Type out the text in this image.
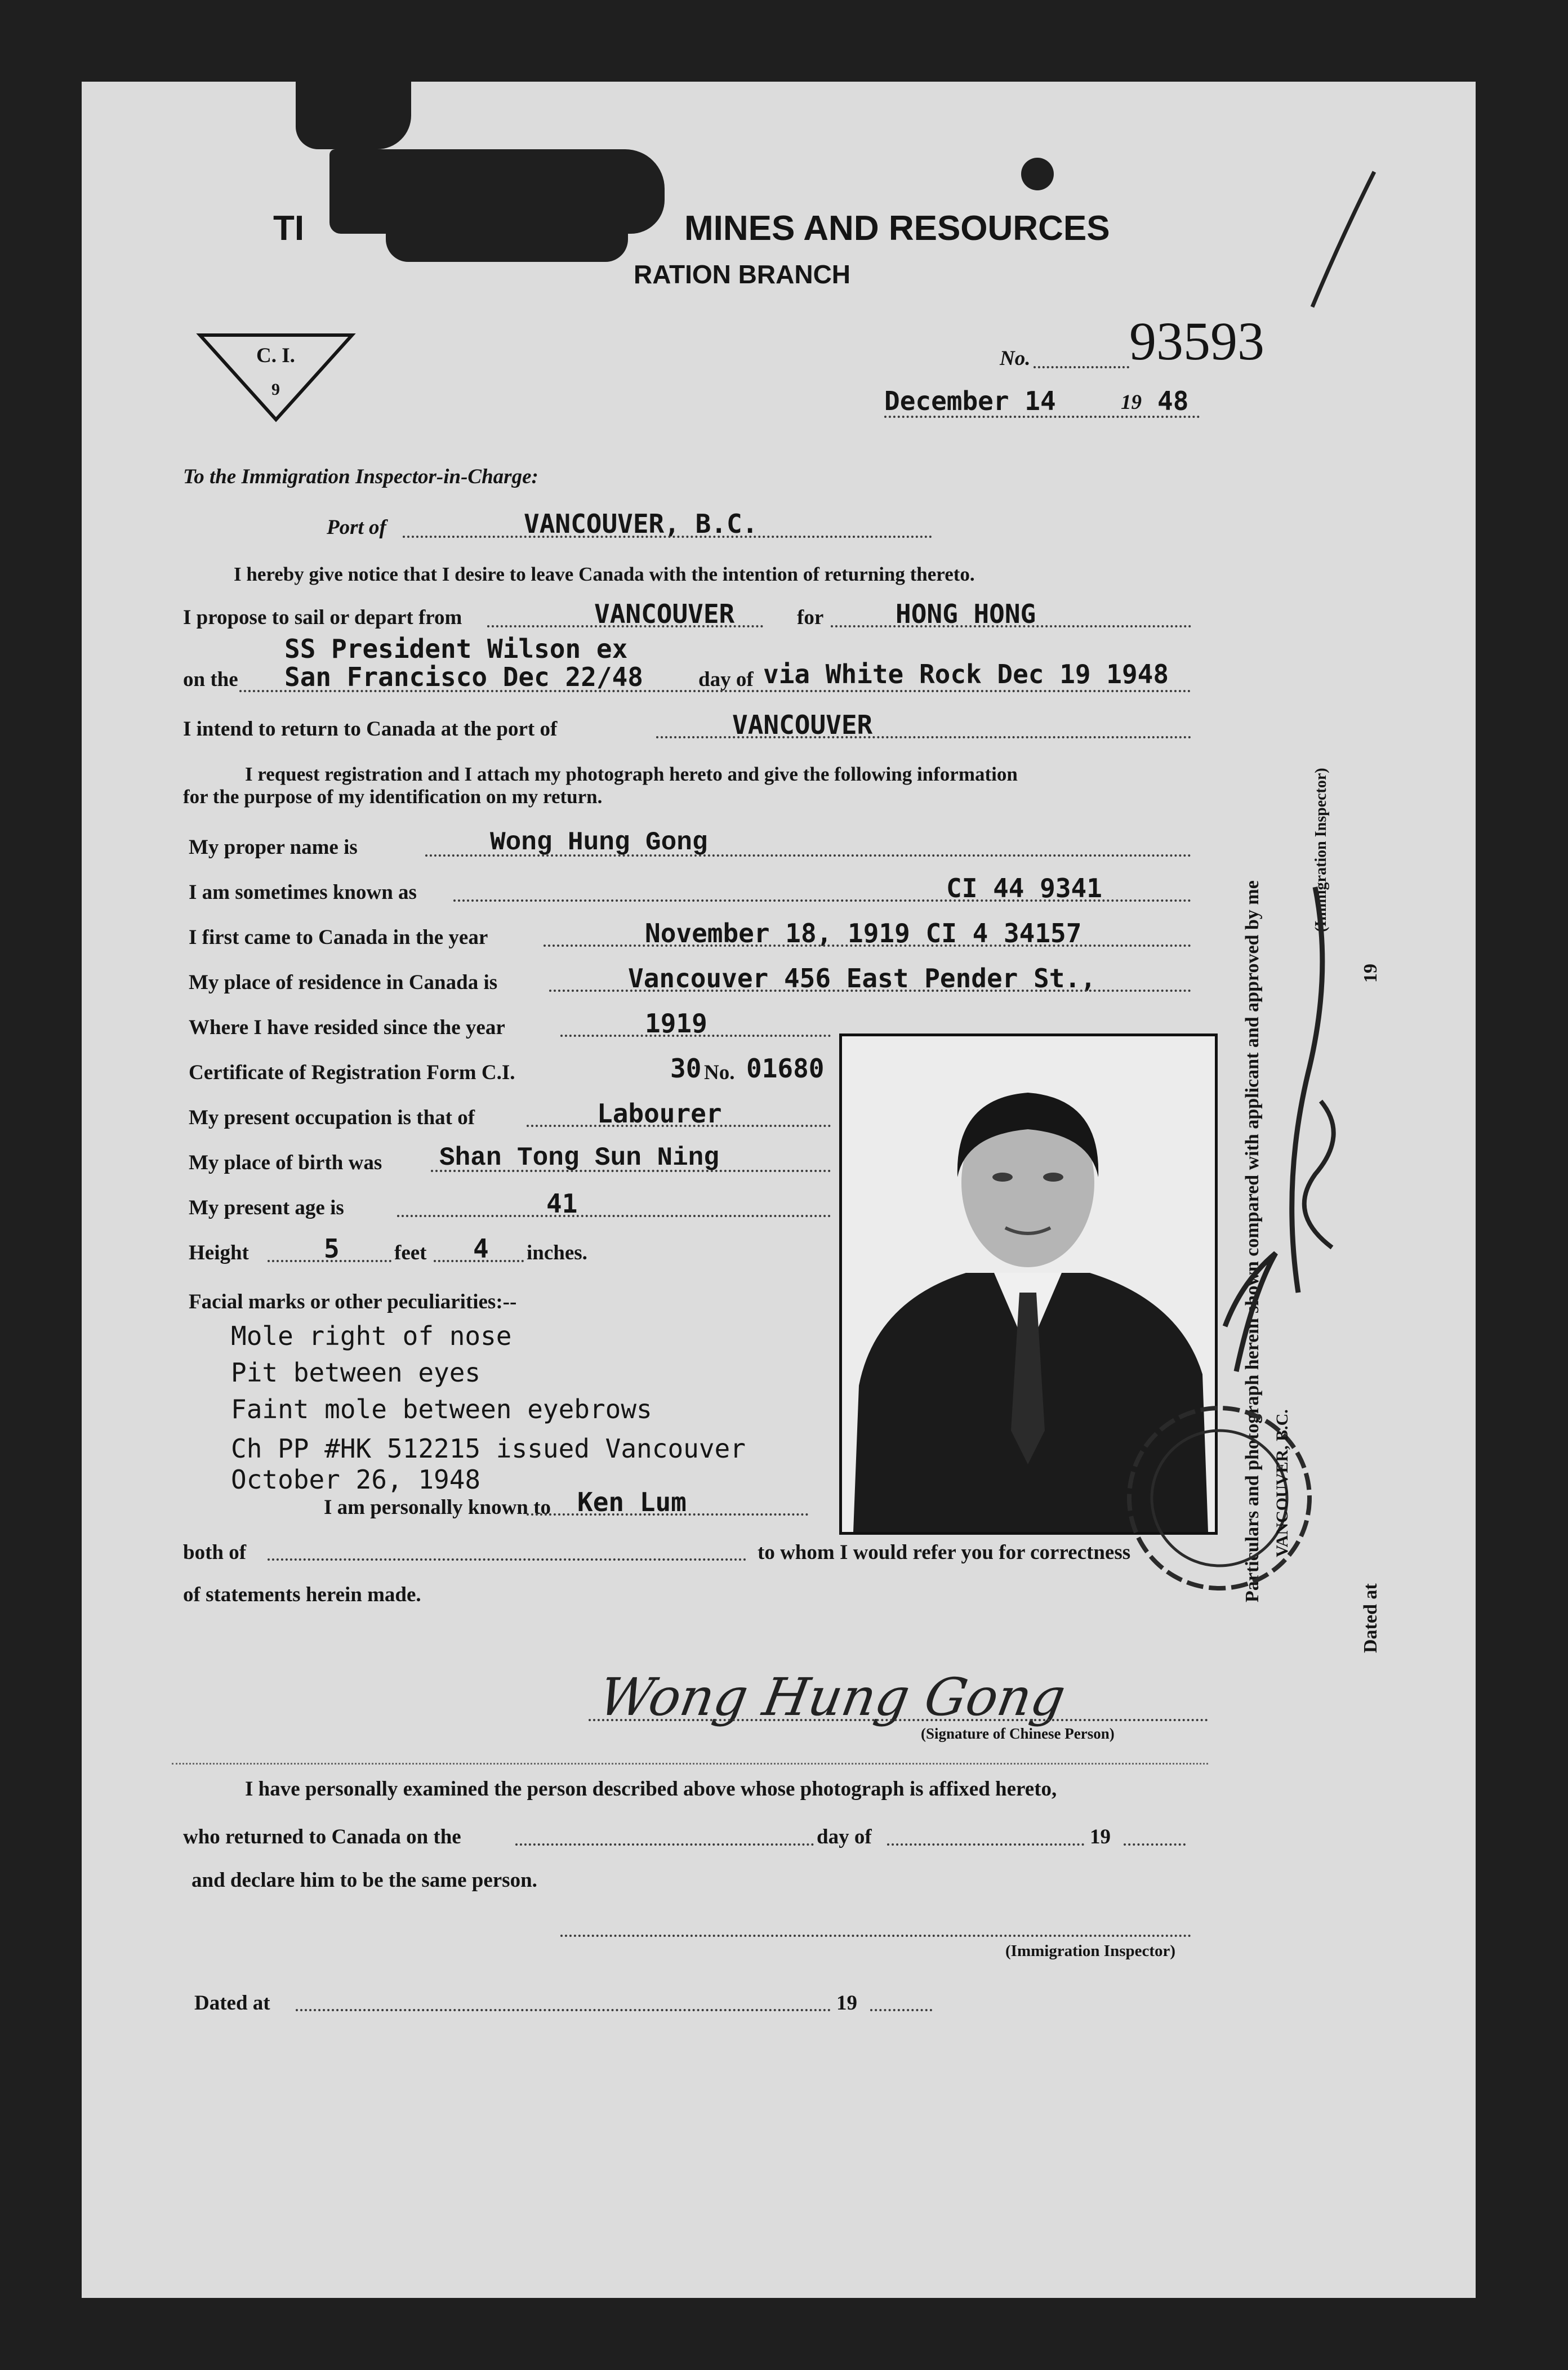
TI	MINES AND RESOURCES
RATION BRANCH
C. I.
9
No. 93593
December 14	19 48
To the Immigration Inspector-in-Charge:
Port of	VANCOUVER, B.C.
I hereby give notice that I desire to leave Canada with the intention of returning thereto.
I propose to sail or depart from	VANCOUVER	for	HONG HONG
SS President Wilson ex
on the San Francisco Dec 22/48	day of via White Rock Dec 19 1948
I intend to return to Canada at the port of	VANCOUVER
I request registration and I attach my photograph hereto and give the following information
for the purpose of my identification on my return.
My proper name is	Wong Hung Gong
I am sometimes known as	CI 44 9341
I first came to Canada in the year	November 18, 1919 CI 4 34157
My place of residence in Canada is	Vancouver 456 East Pender St.,
Where I have resided since the year	1919
Certificate of Registration Form C.I.	30 No. 01680
My present occupation is that of	Labourer
My place of birth was Shan Tong Sun Ning
My present age is	41
Height	5	feet 4 inches.
Facial marks or other peculiarities:--
Mole right of nose
Pit between eyes
Faint mole between eyebrows
Ch PP #HK 512215 issued Vancouver
October 26, 1948
I am personally known to Ken Lum
both of	to whom I would refer you for correctness
of statements herein made.
Wong Hung Gong
(Signature of Chinese Person)
I have personally examined the person described above whose photograph is affixed hereto,
who returned to Canada on the	day of	19
and declare him to be the same person.
(Immigration Inspector)
Dated at	19
Particulars and photograph herein shown compared with applicant and approved by me
(Immigration Inspector)
19
Dated at
VANCOUVER, B.C.
